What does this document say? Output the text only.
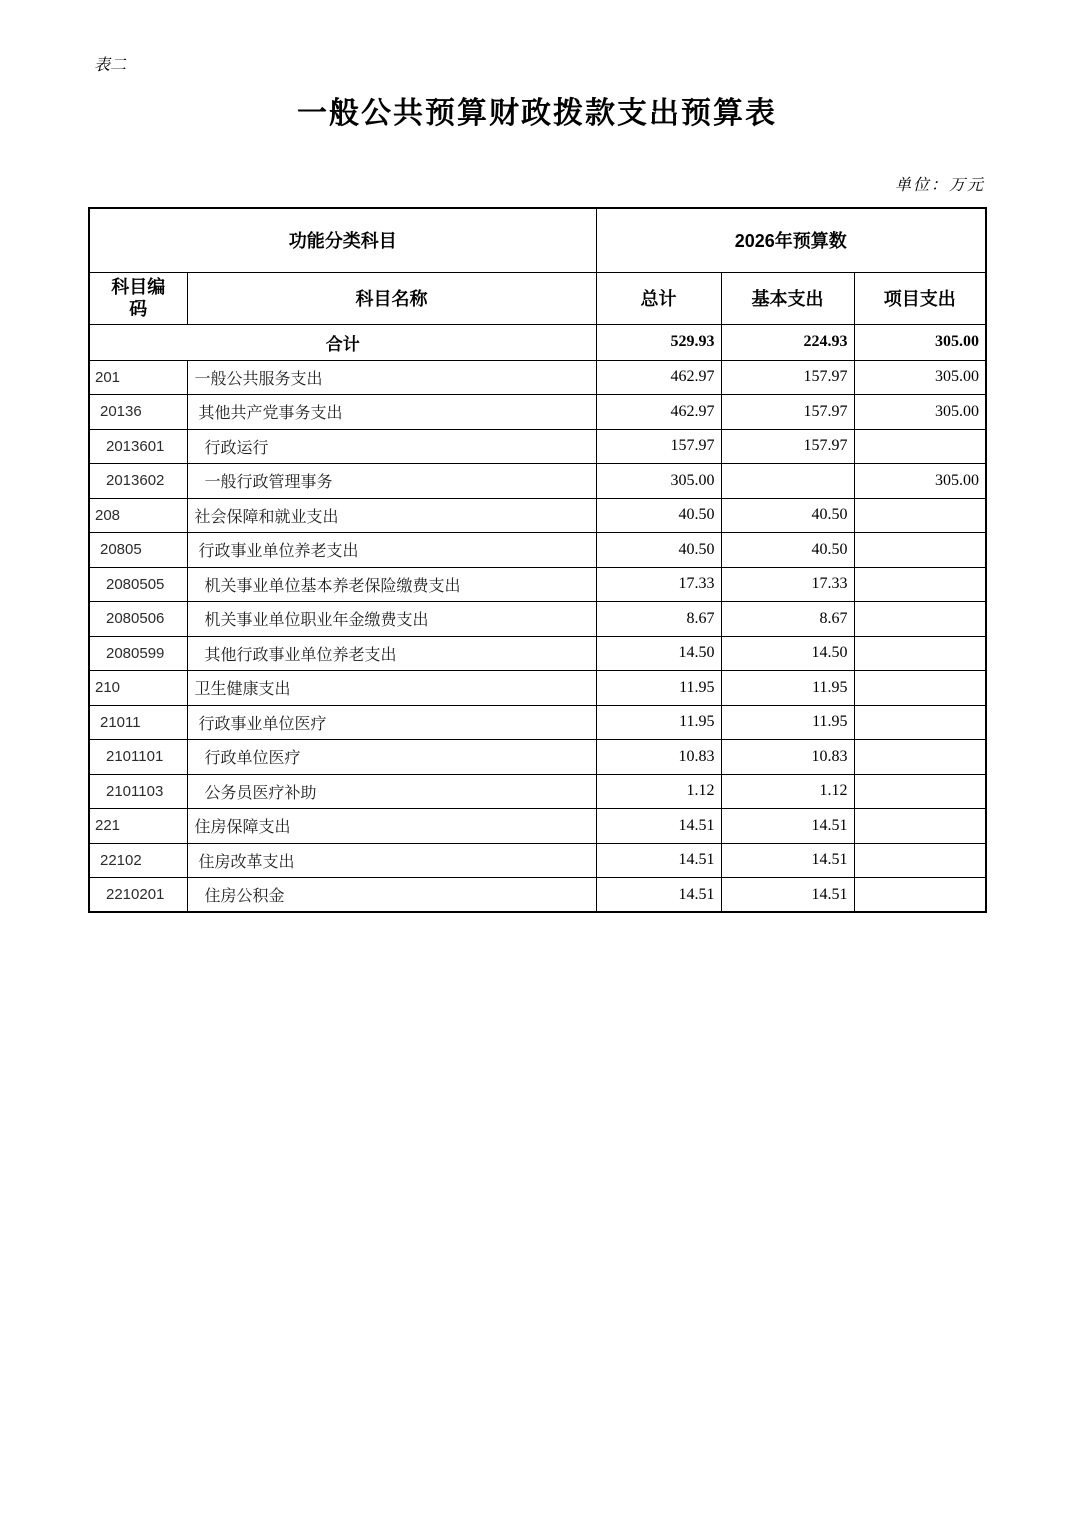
表二
一般公共预算财政拨款支出预算表
单位：万元
功能分类科目		2026年预算数		
科目编码	科目名称	总计	基本支出	项目支出
合计		529.93	224.93	305.00
201	一般公共服务支出	462.97	157.97	305.00
20136	其他共产党事务支出	462.97	157.97	305.00
2013601	行政运行	157.97	157.97	
2013602	一般行政管理事务	305.00		305.00
208	社会保障和就业支出	40.50	40.50	
20805	行政事业单位养老支出	40.50	40.50	
2080505	机关事业单位基本养老保险缴费支出	17.33	17.33	
2080506	机关事业单位职业年金缴费支出	8.67	8.67	
2080599	其他行政事业单位养老支出	14.50	14.50	
210	卫生健康支出	11.95	11.95	
21011	行政事业单位医疗	11.95	11.95	
2101101	行政单位医疗	10.83	10.83	
2101103	公务员医疗补助	1.12	1.12	
221	住房保障支出	14.51	14.51	
22102	住房改革支出	14.51	14.51	
2210201	住房公积金	14.51	14.51	
